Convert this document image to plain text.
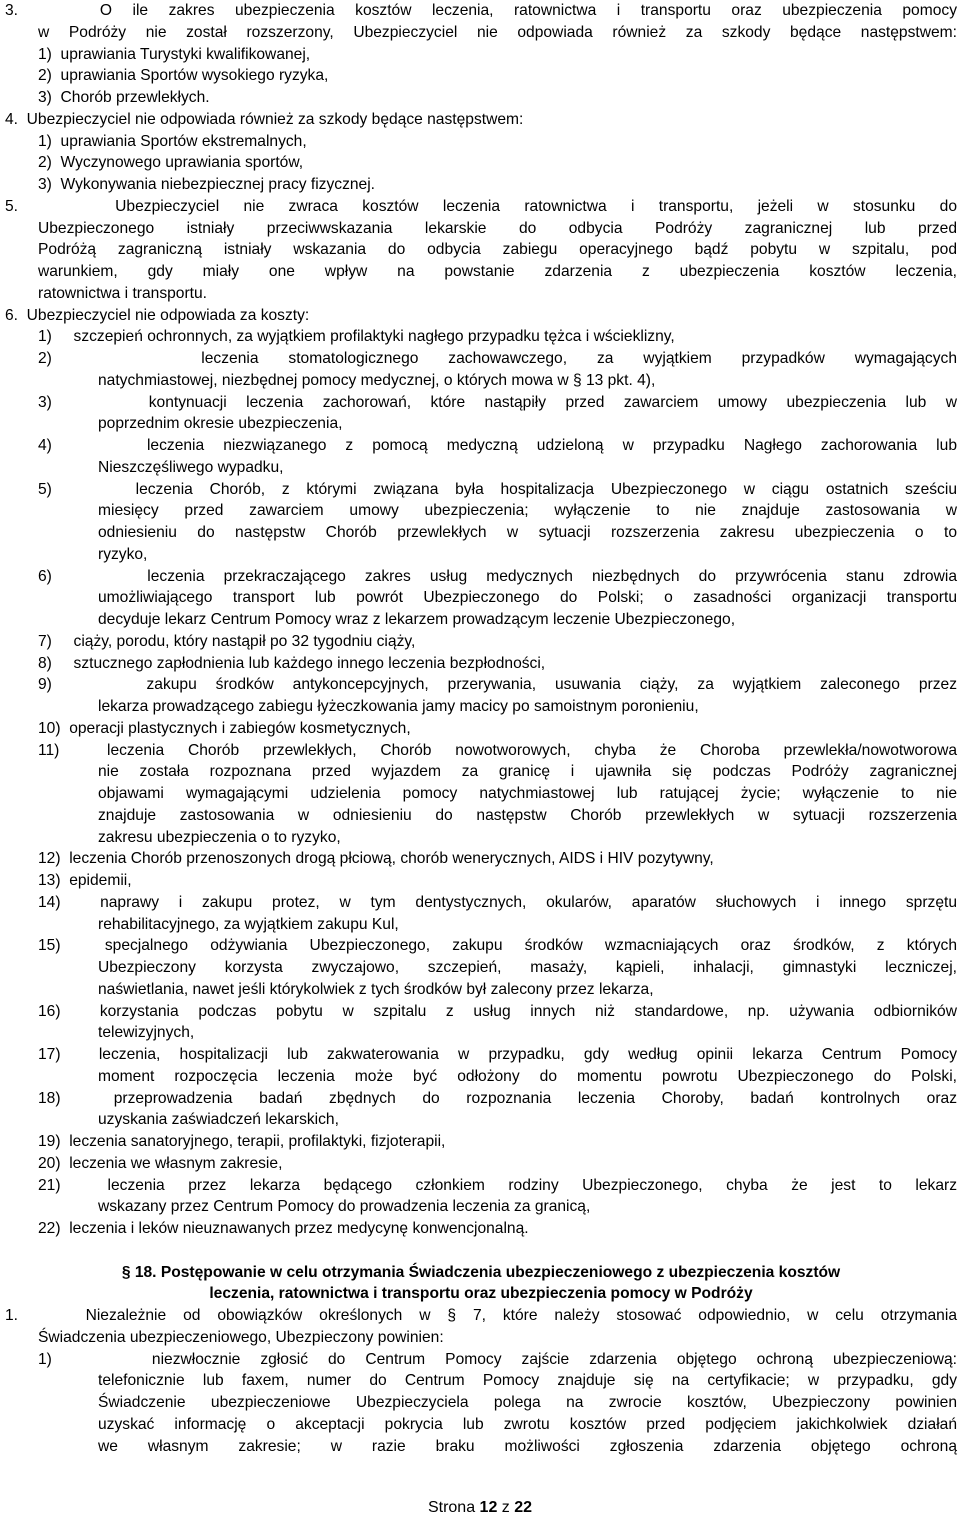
3.    O ile zakres ubezpieczenia kosztów leczenia, ratownictwa i transportu oraz ubezpieczenia pomocy
w Podróży nie został rozszerzony, Ubezpieczyciel nie odpowiada również za szkody będące następstwem:
1)  uprawiania Turystyki kwalifikowanej,
2)  uprawiania Sportów wysokiego ryzyka,
3)  Chorób przewlekłych.
4.  Ubezpieczyciel nie odpowiada również za szkody będące następstwem:
1)  uprawiania Sportów ekstremalnych,
2)  Wyczynowego uprawiania sportów,
3)  Wykonywania niebezpiecznej pracy fizycznej.
5.    Ubezpieczyciel nie zwraca kosztów leczenia ratownictwa i transportu, jeżeli w stosunku do
Ubezpieczonego istniały przeciwwskazania lekarskie do odbycia Podróży zagranicznej lub przed
Podróżą zagraniczną istniały wskazania do odbycia zabiegu operacyjnego bądź pobytu w szpitalu, pod
warunkiem, gdy miały one wpływ na powstanie zdarzenia z ubezpieczenia kosztów leczenia,
ratownictwa i transportu.
6.  Ubezpieczyciel nie odpowiada za koszty:
1)     szczepień ochronnych, za wyjątkiem profilaktyki nagłego przypadku tężca i wścieklizny,
2)     leczenia stomatologicznego zachowawczego, za wyjątkiem przypadków wymagających
natychmiastowej, niezbędnej pomocy medycznej, o których mowa w § 13 pkt. 4),
3)     kontynuacji leczenia zachorowań, które nastąpiły przed zawarciem umowy ubezpieczenia lub w
poprzednim okresie ubezpieczenia,
4)     leczenia niezwiązanego z pomocą medyczną udzieloną w przypadku Nagłego zachorowania lub
Nieszczęśliwego wypadku,
5)     leczenia Chorób, z którymi związana była hospitalizacja Ubezpieczonego w ciągu ostatnich sześciu
miesięcy przed zawarciem umowy ubezpieczenia; wyłączenie to nie znajduje zastosowania w
odniesieniu do następstw Chorób przewlekłych w sytuacji rozszerzenia zakresu ubezpieczenia o to
ryzyko,
6)     leczenia przekraczającego zakres usług medycznych niezbędnych do przywrócenia stanu zdrowia
umożliwiającego transport lub powrót Ubezpieczonego do Polski; o zasadności organizacji transportu
decyduje lekarz Centrum Pomocy wraz z lekarzem prowadzącym leczenie Ubezpieczonego,
7)     ciąży, porodu, który nastąpił po 32 tygodniu ciąży,
8)     sztucznego zapłodnienia lub każdego innego leczenia bezpłodności,
9)     zakupu środków antykoncepcyjnych, przerywania, usuwania ciąży, za wyjątkiem zaleconego przez
lekarza prowadzącego zabiegu łyżeczkowania jamy macicy po samoistnym poronieniu,
10)  operacji plastycznych i zabiegów kosmetycznych,
11)  leczenia Chorób przewlekłych, Chorób nowotworowych, chyba że Choroba przewlekła/nowotworowa
nie została rozpoznana przed wyjazdem za granicę i ujawniła się podczas Podróży zagranicznej
objawami wymagającymi udzielenia pomocy natychmiastowej lub ratującej życie; wyłączenie to nie
znajduje zastosowania w odniesieniu do następstw Chorób przewlekłych w sytuacji rozszerzenia
zakresu ubezpieczenia o to ryzyko,
12)  leczenia Chorób przenoszonych drogą płciową, chorób wenerycznych, AIDS i HIV pozytywny,
13)  epidemii,
14)  naprawy i zakupu protez, w tym dentystycznych, okularów, aparatów słuchowych i innego sprzętu
rehabilitacyjnego, za wyjątkiem zakupu Kul,
15)  specjalnego odżywiania Ubezpieczonego, zakupu środków wzmacniających oraz środków, z których
Ubezpieczony korzysta zwyczajowo, szczepień, masaży, kąpieli, inhalacji, gimnastyki leczniczej,
naświetlania, nawet jeśli którykolwiek z tych środków był zalecony przez lekarza,
16)  korzystania podczas pobytu w szpitalu z usług innych niż standardowe, np. używania odbiorników
telewizyjnych,
17)  leczenia, hospitalizacji lub zakwaterowania w przypadku, gdy według opinii lekarza Centrum Pomocy
moment rozpoczęcia leczenia może być odłożony do momentu powrotu Ubezpieczonego do Polski,
18)  przeprowadzenia badań zbędnych do rozpoznania leczenia Choroby, badań kontrolnych oraz
uzyskania zaświadczeń lekarskich,
19)  leczenia sanatoryjnego, terapii, profilaktyki, fizjoterapii,
20)  leczenia we własnym zakresie,
21)  leczenia przez lekarza będącego członkiem rodziny Ubezpieczonego, chyba że jest to lekarz
wskazany przez Centrum Pomocy do prowadzenia leczenia za granicą,
22)  leczenia i leków nieuznawanych przez medycynę konwencjonalną.
§ 18. Postępowanie w celu otrzymania Świadczenia ubezpieczeniowego z ubezpieczenia kosztów
leczenia, ratownictwa i transportu oraz ubezpieczenia pomocy w Podróży
1.    Niezależnie od obowiązków określonych w § 7, które należy stosować odpowiednio, w celu otrzymania
Świadczenia ubezpieczeniowego, Ubezpieczony powinien:
1)     niezwłocznie zgłosić do Centrum Pomocy zajście zdarzenia objętego ochroną ubezpieczeniową:
telefonicznie lub faxem, numer do Centrum Pomocy znajduje się na certyfikacie; w przypadku, gdy
Świadczenie ubezpieczeniowe Ubezpieczyciela polega na zwrocie kosztów, Ubezpieczony powinien
uzyskać informację o akceptacji pokrycia lub zwrotu kosztów przed podjęciem jakichkolwiek działań
we własnym zakresie; w razie braku możliwości zgłoszenia zdarzenia objętego ochroną
Strona 12 z 22
